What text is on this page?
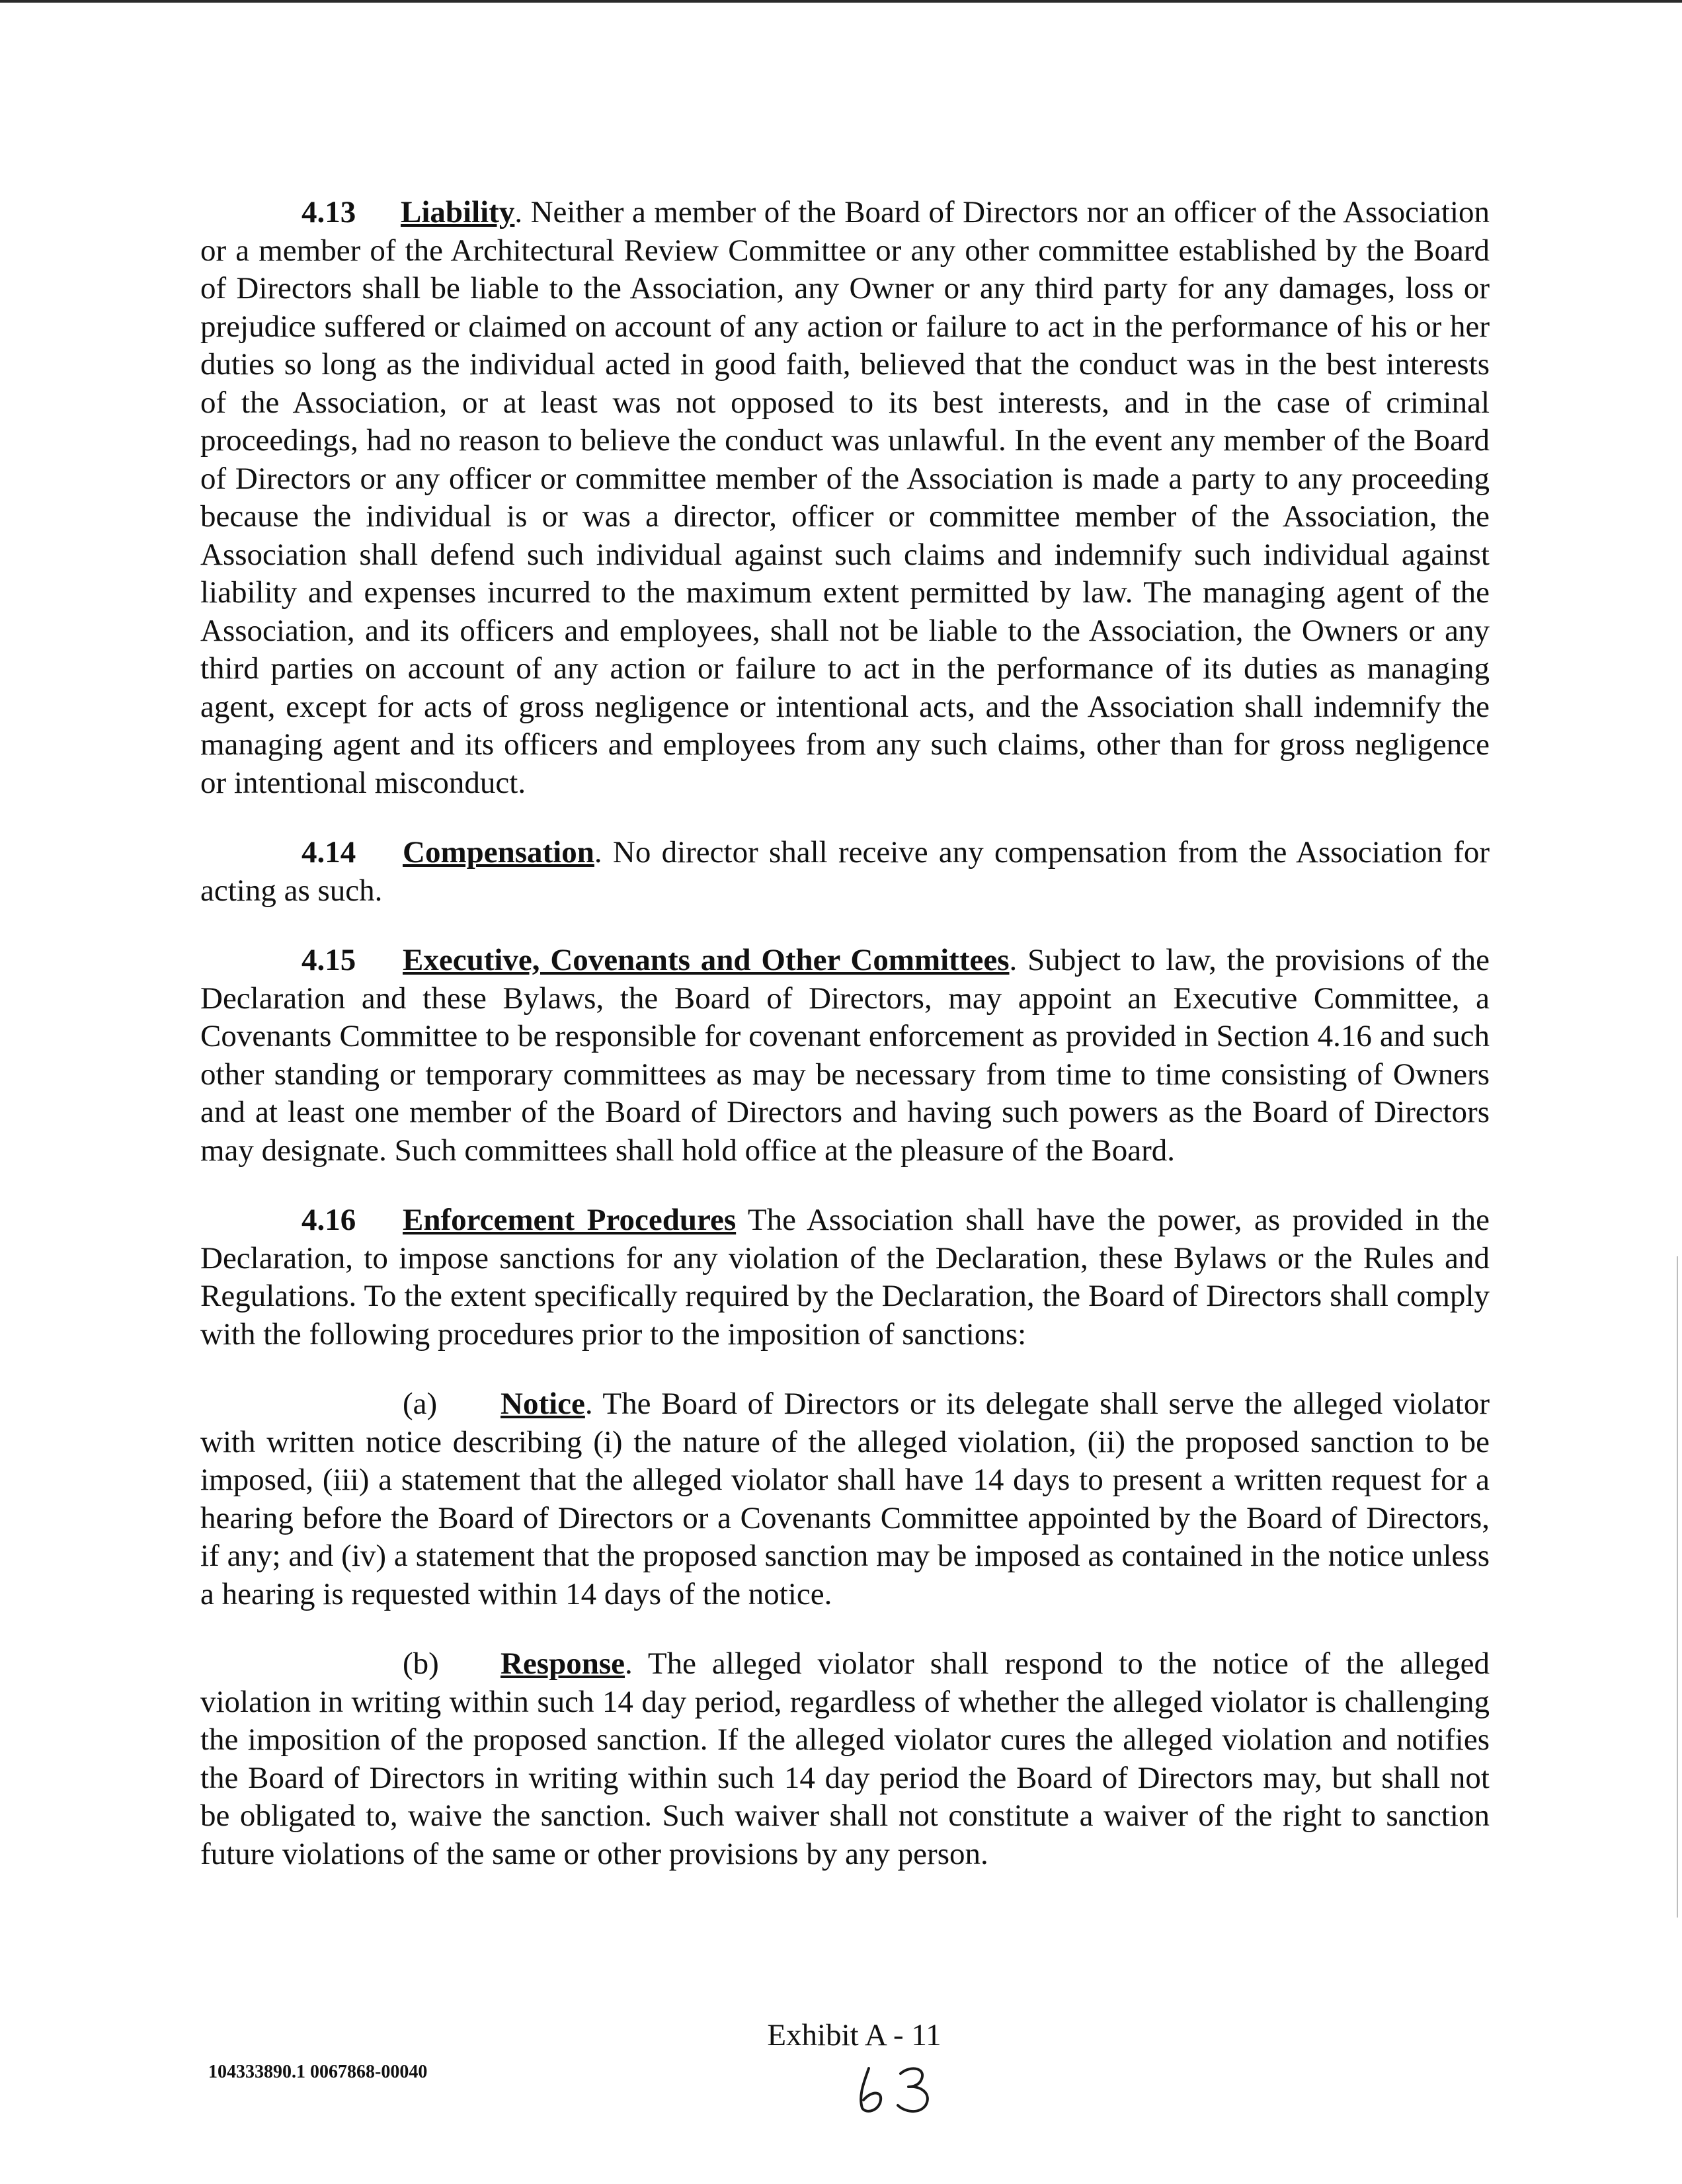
4.13 Liability. Neither a member of the Board of Directors nor an officer of the Association or a member of the Architectural Review Committee or any other committee established by the Board of Directors shall be liable to the Association, any Owner or any third party for any damages, loss or prejudice suffered or claimed on account of any action or failure to act in the performance of his or her duties so long as the individual acted in good faith, believed that the conduct was in the best interests of the Association, or at least was not opposed to its best interests, and in the case of criminal proceedings, had no reason to believe the conduct was unlawful. In the event any member of the Board of Directors or any officer or committee member of the Association is made a party to any proceeding because the individual is or was a director, officer or committee member of the Association, the Association shall defend such individual against such claims and indemnify such individual against liability and expenses incurred to the maximum extent permitted by law. The managing agent of the Association, and its officers and employees, shall not be liable to the Association, the Owners or any third parties on account of any action or failure to act in the performance of its duties as managing agent, except for acts of gross negligence or intentional acts, and the Association shall indemnify the managing agent and its officers and employees from any such claims, other than for gross negligence or intentional misconduct.

4.14 Compensation. No director shall receive any compensation from the Association for acting as such.

4.15 Executive, Covenants and Other Committees. Subject to law, the provisions of the Declaration and these Bylaws, the Board of Directors, may appoint an Executive Committee, a Covenants Committee to be responsible for covenant enforcement as provided in Section 4.16 and such other standing or temporary committees as may be necessary from time to time consisting of Owners and at least one member of the Board of Directors and having such powers as the Board of Directors may designate. Such committees shall hold office at the pleasure of the Board.

4.16 Enforcement Procedures The Association shall have the power, as provided in the Declaration, to impose sanctions for any violation of the Declaration, these Bylaws or the Rules and Regulations. To the extent specifically required by the Declaration, the Board of Directors shall comply with the following procedures prior to the imposition of sanctions:

(a) Notice. The Board of Directors or its delegate shall serve the alleged violator with written notice describing (i) the nature of the alleged violation, (ii) the proposed sanction to be imposed, (iii) a statement that the alleged violator shall have 14 days to present a written request for a hearing before the Board of Directors or a Covenants Committee appointed by the Board of Directors, if any; and (iv) a statement that the proposed sanction may be imposed as contained in the notice unless a hearing is requested within 14 days of the notice.

(b) Response. The alleged violator shall respond to the notice of the alleged violation in writing within such 14 day period, regardless of whether the alleged violator is challenging the imposition of the proposed sanction. If the alleged violator cures the alleged violation and notifies the Board of Directors in writing within such 14 day period the Board of Directors may, but shall not be obligated to, waive the sanction. Such waiver shall not constitute a waiver of the right to sanction future violations of the same or other provisions by any person.

Exhibit A - 11
104333890.1 0067868-00040
